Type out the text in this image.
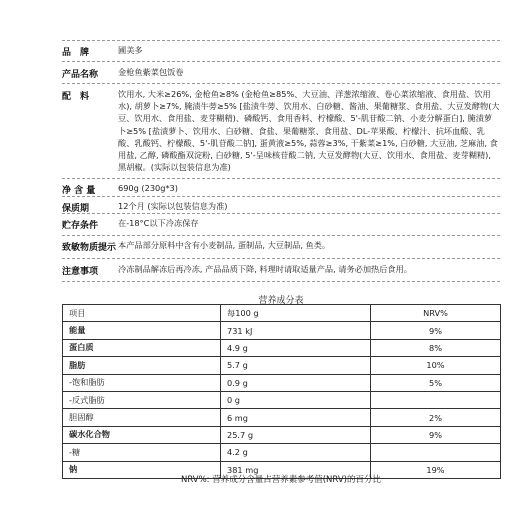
品　牌	圃美多
产品名称 金枪鱼紫菜包饭卷
配　料	饮用水, 大米≥26%, 金枪鱼≥8% (金枪鱼≥85%、大豆油、洋葱浓缩液、卷心菜浓缩液、食用盐、饮用水), 胡萝卜≥7%, 腌渍牛蒡≥5% [盐渍牛蒡、饮用水、白砂糖、酱油、果葡糖浆、食用盐、大豆发酵物(大豆、饮用水、食用盐、麦芽糊精)、磷酸钙、食用香料、柠檬酸、5'-肌苷酸二钠、小麦分解蛋白], 腌渍萝卜≥5% [盐渍萝卜、饮用水、白砂糖、食盐、果葡糖浆、食用盐、DL-苹果酸、柠檬汁、抗坏血酸、乳酸、乳酸钙、柠檬酸、5'-肌苷酸二钠], 蛋黄液≥5%, 蒜蓉≥3%, 干紫菜≥1%, 白砂糖, 大豆油, 芝麻油, 食用盐, 乙醇, 磷酸酯双淀粉, 白砂糖, 5'-呈味核苷酸二钠, 大豆发酵物(大豆、饮用水、食用盐、麦芽糊精), 黑胡椒。(实际以包装信息为准)
净 含 量	690g (230g*3)
保质期	12个月 (实际以包装信息为准)
贮存条件 在-18°C以下冷冻保存
致敏物质提示 本产品部分原料中含有小麦制品, 蛋制品, 大豆制品, 鱼类。
注意事项 冷冻制品解冻后再冷冻, 产品品质下降, 料理时请取适量产品, 请务必加热后食用。
营养成分表
项目	每100 g	NRV%
能量	731 kJ	9%
蛋白质	4.9 g	8%
脂肪	5.7 g	10%
-饱和脂肪	0.9 g	5%
-反式脂肪	0 g	
胆固醇	6 mg	2%
碳水化合物	25.7 g	9%
-糖	4.2 g	
钠	381 mg	19%
NRV%: 营养成分含量占营养素参考值(NRV)的百分比
